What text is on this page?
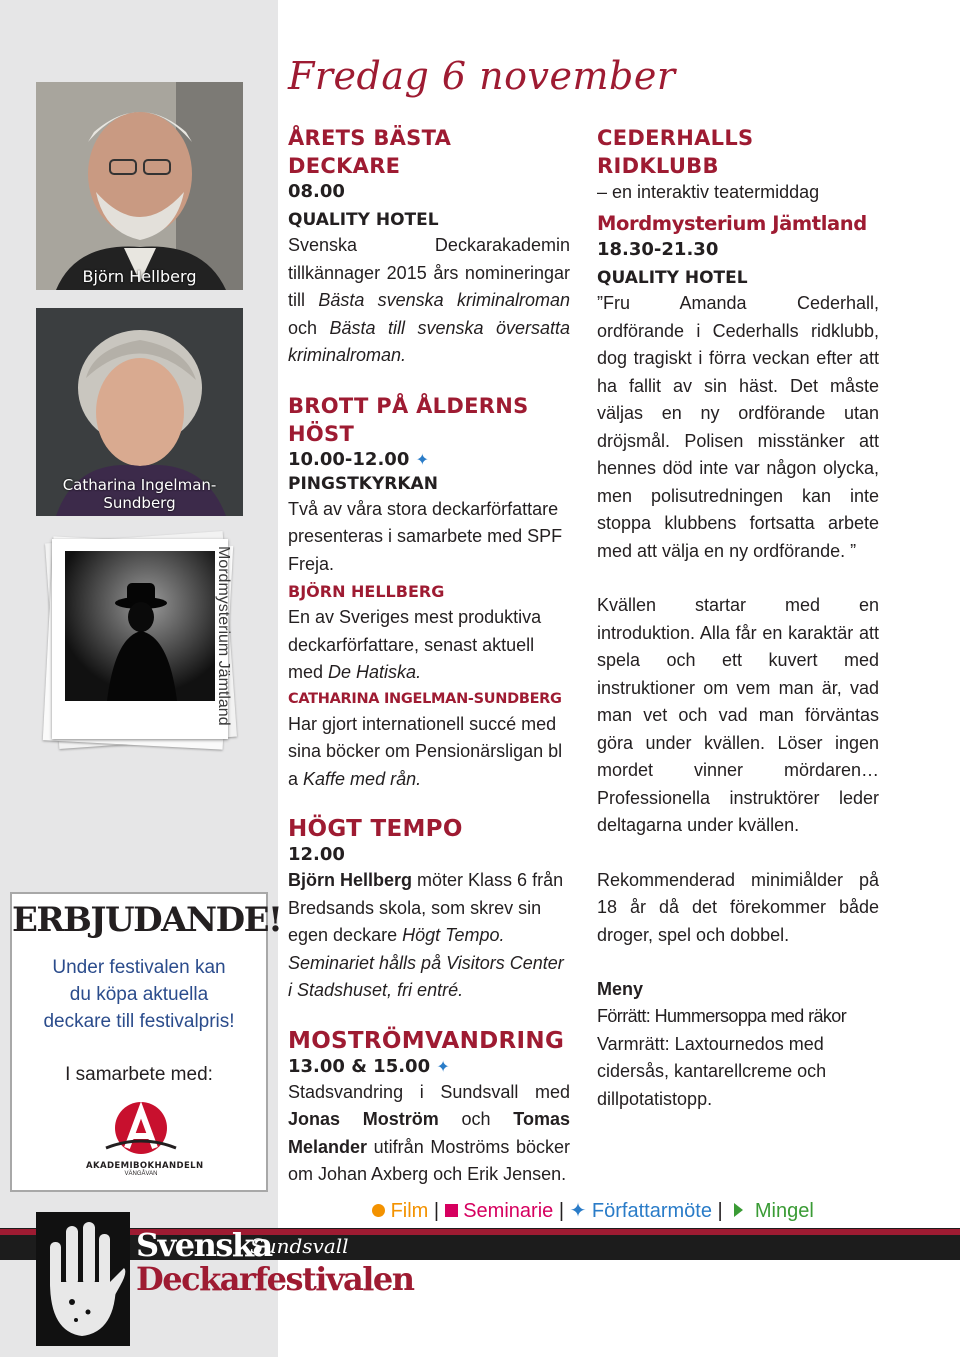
Björn Hellberg
Catharina Ingelman-Sundberg
Mordmysterium Jämtland
ERBJUDANDE!
Under festivalen kan
du köpa aktuella
deckare till festivalpris!
I samarbete med:
AKADEMIBOKHANDELN
VÄNGÅVAN
Fredag 6 november
ÅRETS BÄSTA DECKARE
08.00
QUALITY HOTEL
Svenska Deckarakademin tillkännager 2015 års nomineringar till Bästa svenska kriminalroman och Bästa till svenska översatta kriminalroman.
BROTT PÅ ÅLDERNS HÖST
10.00-12.00 ✦
PINGSTKYRKAN
Två av våra stora deckarförfattare presenteras i samarbete med SPF Freja.
BJÖRN HELLBERG
En av Sveriges mest produktiva deckarförfattare, senast aktuell med De Hatiska.
CATHARINA INGELMAN-SUNDBERG
Har gjort internationell succé med sina böcker om Pensionärsligan bl a Kaffe med rån.
HÖGT TEMPO
12.00
Björn Hellberg möter Klass 6 från Bredsands skola, som skrev sin egen deckare Högt Tempo. Seminariet hålls på Visitors Center i Stadshuset, fri entré.
MOSTRÖMVANDRING
13.00 & 15.00 ✦
Stadsvandring i Sundsvall med Jonas Moström och Tomas Melander utifrån Moströms böcker om Johan Axberg och Erik Jensen.
CEDERHALLS RIDKLUBB
– en interaktiv teatermiddag
Mordmysterium Jämtland
18.30-21.30
QUALITY HOTEL
”Fru Amanda Cederhall, ordförande i Cederhalls ridklubb, dog tragiskt i förra veckan efter att ha fallit av sin häst. Det måste väljas en ny ordförande utan dröjsmål. Polisen misstänker att hennes död inte var någon olycka, men polisutredningen kan inte stoppa klubbens fortsatta arbete med att välja en ny ordförande. ”
Kvällen startar med en introduktion. Alla får en karaktär att spela och ett kuvert med instruktioner om vem man är, vad man vet och vad man förväntas göra under kvällen. Löser ingen mordet vinner mördaren… Professionella instruktörer leder deltagarna under kvällen.
Rekommenderad minimiålder på 18 år då det förekommer både droger, spel och dobbel.
Meny
Förrätt: Hummersoppa med räkor
Varmrätt: Laxtournedos med cidersås, kantarellcreme och dillpotatistopp.
Film |  Seminarie | ✦ Författarmöte |  Mingel
Svenska
Sundsvall
Deckarfestivalen
